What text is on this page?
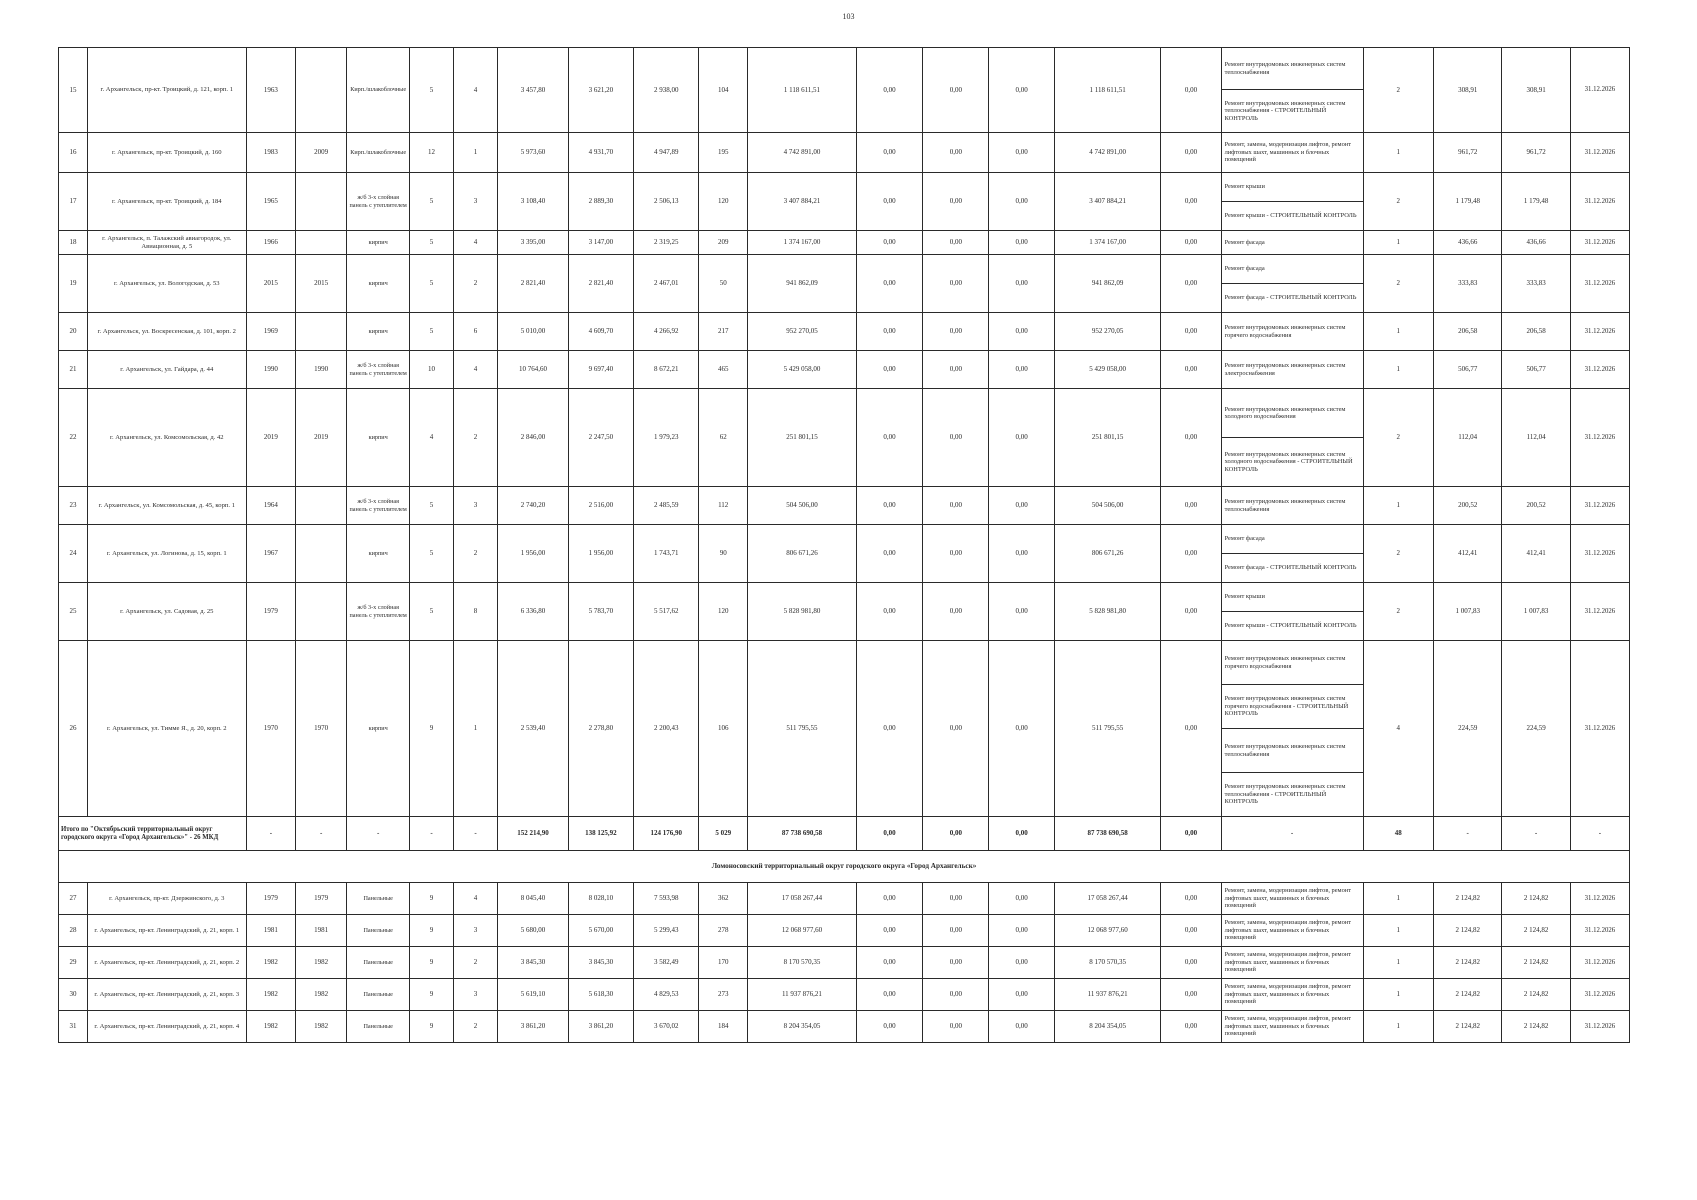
103
15	г. Архангельск, пр-кт. Троицкий, д. 121, корп. 1	1963		Кирп./шлакоблочные	5	4	3 457,80	3 621,20	2 938,00	104	1 118 611,51	0,00	0,00	0,00	1 118 611,51	0,00	Ремонт внутридомовых инженерных систем теплоснабжения	2	308,91	308,91	31.12.2026
																	Ремонт внутридомовых инженерных систем теплоснабжения - СТРОИТЕЛЬНЫЙ КОНТРОЛЬ				
16	г. Архангельск, пр-кт. Троицкий, д. 160	1983	2009	Кирп./шлакоблочные	12	1	5 973,60	4 931,70	4 947,89	195	4 742 891,00	0,00	0,00	0,00	4 742 891,00	0,00	Ремонт, замена, модернизация лифтов, ремонт лифтовых шахт, машинных и блочных помещений	1	961,72	961,72	31.12.2026
17	г. Архангельск, пр-кт. Троицкий, д. 184	1965		ж/б 3-х слойная панель с утеплителем	5	3	3 108,40	2 889,30	2 506,13	120	3 407 884,21	0,00	0,00	0,00	3 407 884,21	0,00	Ремонт крыши	2	1 179,48	1 179,48	31.12.2026
																	Ремонт крыши - СТРОИТЕЛЬНЫЙ КОНТРОЛЬ				
18	г. Архангельск, п. Талажский авиагородок, ул. Авиационная, д. 5	1966		кирпич	5	4	3 395,00	3 147,00	2 319,25	209	1 374 167,00	0,00	0,00	0,00	1 374 167,00	0,00	Ремонт фасада	1	436,66	436,66	31.12.2026
19	г. Архангельск, ул. Вологодская, д. 53	2015	2015	кирпич	5	2	2 821,40	2 821,40	2 467,01	50	941 862,09	0,00	0,00	0,00	941 862,09	0,00	Ремонт фасада	2	333,83	333,83	31.12.2026
																	Ремонт фасада - СТРОИТЕЛЬНЫЙ КОНТРОЛЬ				
20	г. Архангельск, ул. Воскресенская, д. 101, корп. 2	1969		кирпич	5	6	5 010,00	4 609,70	4 266,92	217	952 270,05	0,00	0,00	0,00	952 270,05	0,00	Ремонт внутридомовых инженерных систем горячего водоснабжения	1	206,58	206,58	31.12.2026
21	г. Архангельск, ул. Гайдара, д. 44	1990	1990	ж/б 3-х слойная панель с утеплителем	10	4	10 764,60	9 697,40	8 672,21	465	5 429 058,00	0,00	0,00	0,00	5 429 058,00	0,00	Ремонт внутридомовых инженерных систем электроснабжения	1	506,77	506,77	31.12.2026
22	г. Архангельск, ул. Комсомольская, д. 42	2019	2019	кирпич	4	2	2 846,00	2 247,50	1 979,23	62	251 801,15	0,00	0,00	0,00	251 801,15	0,00	Ремонт внутридомовых инженерных систем холодного водоснабжения	2	112,04	112,04	31.12.2026
																	Ремонт внутридомовых инженерных систем холодного водоснабжения - СТРОИТЕЛЬНЫЙ КОНТРОЛЬ				
23	г. Архангельск, ул. Комсомольская, д. 45, корп. 1	1964		ж/б 3-х слойная панель с утеплителем	5	3	2 740,20	2 516,00	2 485,59	112	504 506,00	0,00	0,00	0,00	504 506,00	0,00	Ремонт внутридомовых инженерных систем теплоснабжения	1	200,52	200,52	31.12.2026
24	г. Архангельск, ул. Логинова, д. 15, корп. 1	1967		кирпич	5	2	1 956,00	1 956,00	1 743,71	90	806 671,26	0,00	0,00	0,00	806 671,26	0,00	Ремонт фасада	2	412,41	412,41	31.12.2026
																	Ремонт фасада - СТРОИТЕЛЬНЫЙ КОНТРОЛЬ				
25	г. Архангельск, ул. Садовая, д. 25	1979		ж/б 3-х слойная панель с утеплителем	5	8	6 336,80	5 783,70	5 517,62	120	5 828 981,80	0,00	0,00	0,00	5 828 981,80	0,00	Ремонт крыши	2	1 007,83	1 007,83	31.12.2026
																	Ремонт крыши - СТРОИТЕЛЬНЫЙ КОНТРОЛЬ				
26	г. Архангельск, ул. Тимме Я., д. 20, корп. 2	1970	1970	кирпич	9	1	2 539,40	2 278,80	2 200,43	106	511 795,55	0,00	0,00	0,00	511 795,55	0,00	Ремонт внутридомовых инженерных систем горячего водоснабжения	4	224,59	224,59	31.12.2026
																	Ремонт внутридомовых инженерных систем горячего водоснабжения - СТРОИТЕЛЬНЫЙ КОНТРОЛЬ				
																	Ремонт внутридомовых инженерных систем теплоснабжения				
																	Ремонт внутридомовых инженерных систем теплоснабжения - СТРОИТЕЛЬНЫЙ КОНТРОЛЬ				
Итого по "Октябрьский территориальный округ городского округа «Город Архангельск»" - 26 МКД		-	-	-	-	-	152 214,90	138 125,92	124 176,90	5 029	87 738 690,58	0,00	0,00	0,00	87 738 690,58	0,00	-	48	-	-	-
Ломоносовский территориальный округ городского округа «Город Архангельск»																					
27	г. Архангельск, пр-кт. Дзержинского, д. 3	1979	1979	Панельные	9	4	8 045,40	8 028,10	7 593,98	362	17 058 267,44	0,00	0,00	0,00	17 058 267,44	0,00	Ремонт, замена, модернизация лифтов, ремонт лифтовых шахт, машинных и блочных помещений	1	2 124,82	2 124,82	31.12.2026
28	г. Архангельск, пр-кт. Ленинградский, д. 21, корп. 1	1981	1981	Панельные	9	3	5 680,00	5 670,00	5 299,43	278	12 068 977,60	0,00	0,00	0,00	12 068 977,60	0,00	Ремонт, замена, модернизация лифтов, ремонт лифтовых шахт, машинных и блочных помещений	1	2 124,82	2 124,82	31.12.2026
29	г. Архангельск, пр-кт. Ленинградский, д. 21, корп. 2	1982	1982	Панельные	9	2	3 845,30	3 845,30	3 582,49	170	8 170 570,35	0,00	0,00	0,00	8 170 570,35	0,00	Ремонт, замена, модернизация лифтов, ремонт лифтовых шахт, машинных и блочных помещений	1	2 124,82	2 124,82	31.12.2026
30	г. Архангельск, пр-кт. Ленинградский, д. 21, корп. 3	1982	1982	Панельные	9	3	5 619,10	5 618,30	4 829,53	273	11 937 876,21	0,00	0,00	0,00	11 937 876,21	0,00	Ремонт, замена, модернизация лифтов, ремонт лифтовых шахт, машинных и блочных помещений	1	2 124,82	2 124,82	31.12.2026
31	г. Архангельск, пр-кт. Ленинградский, д. 21, корп. 4	1982	1982	Панельные	9	2	3 861,20	3 861,20	3 670,02	184	8 204 354,05	0,00	0,00	0,00	8 204 354,05	0,00	Ремонт, замена, модернизация лифтов, ремонт лифтовых шахт, машинных и блочных помещений	1	2 124,82	2 124,82	31.12.2026
